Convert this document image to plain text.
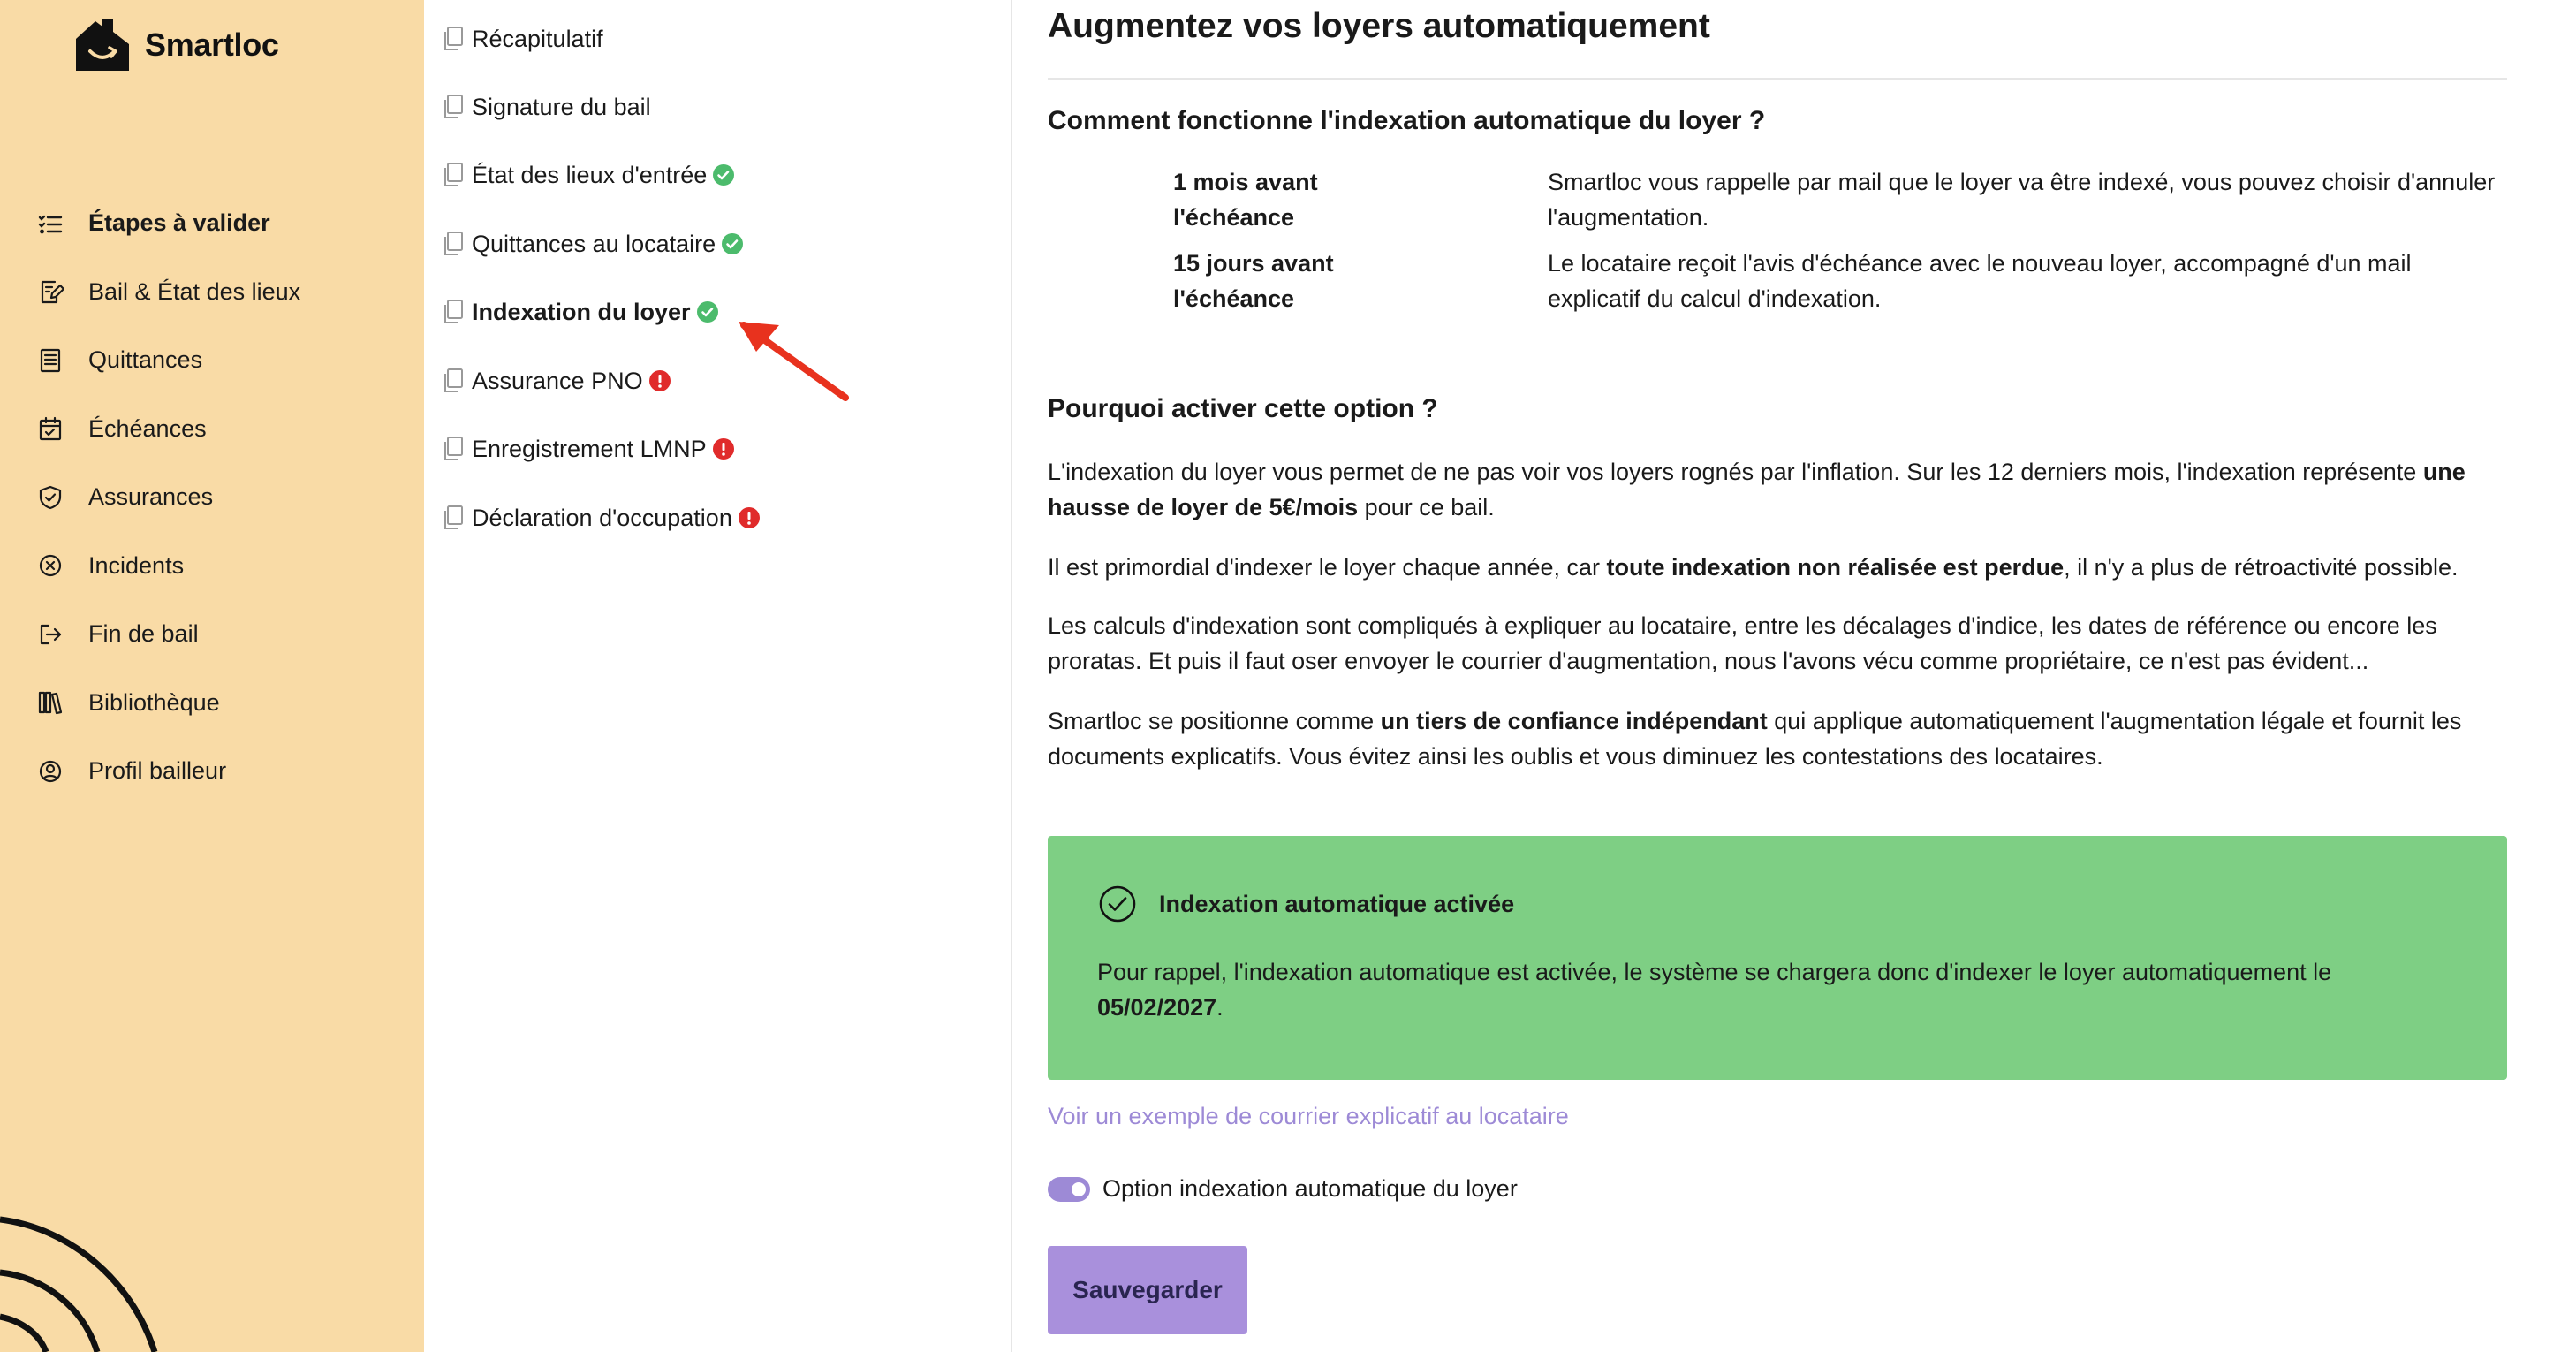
Smartloc
Étapes à valider
Bail & État des lieux
Quittances
Échéances
Assurances
Incidents
Fin de bail
Bibliothèque
Profil bailleur
Récapitulatif
Signature du bail
État des lieux d'entrée
Quittances au locataire
Indexation du loyer
Assurance PNO
Enregistrement LMNP
Déclaration d'occupation
Augmentez vos loyers automatiquement
Comment fonctionne l'indexation automatique du loyer ?
1 mois avant
l'échéance
Smartloc vous rappelle par mail que le loyer va être indexé, vous pouvez choisir d'annuler l'augmentation.
15 jours avant
l'échéance
Le locataire reçoit l'avis d'échéance avec le nouveau loyer, accompagné d'un mail explicatif du calcul d'indexation.
Pourquoi activer cette option ?

L'indexation du loyer vous permet de ne pas voir vos loyers rognés par l'inflation. Sur les 12 derniers mois, l'indexation représente une hausse de loyer de 5€/mois pour ce bail.

Il est primordial d'indexer le loyer chaque année, car toute indexation non réalisée est perdue, il n'y a plus de rétroactivité possible.

Les calculs d'indexation sont compliqués à expliquer au locataire, entre les décalages d'indice, les dates de référence ou encore les proratas. Et puis il faut oser envoyer le courrier d'augmentation, nous l'avons vécu comme propriétaire, ce n'est pas évident...

Smartloc se positionne comme un tiers de confiance indépendant qui applique automatiquement l'augmentation légale et fournit les documents explicatifs. Vous évitez ainsi les oublis et vous diminuez les contestations des locataires.

Indexation automatique activée

Pour rappel, l'indexation automatique est activée, le système se chargera donc d'indexer le loyer automatiquement le 05/02/2027.

Voir un exemple de courrier explicatif au locataire
Option indexation automatique du loyer
Sauvegarder
